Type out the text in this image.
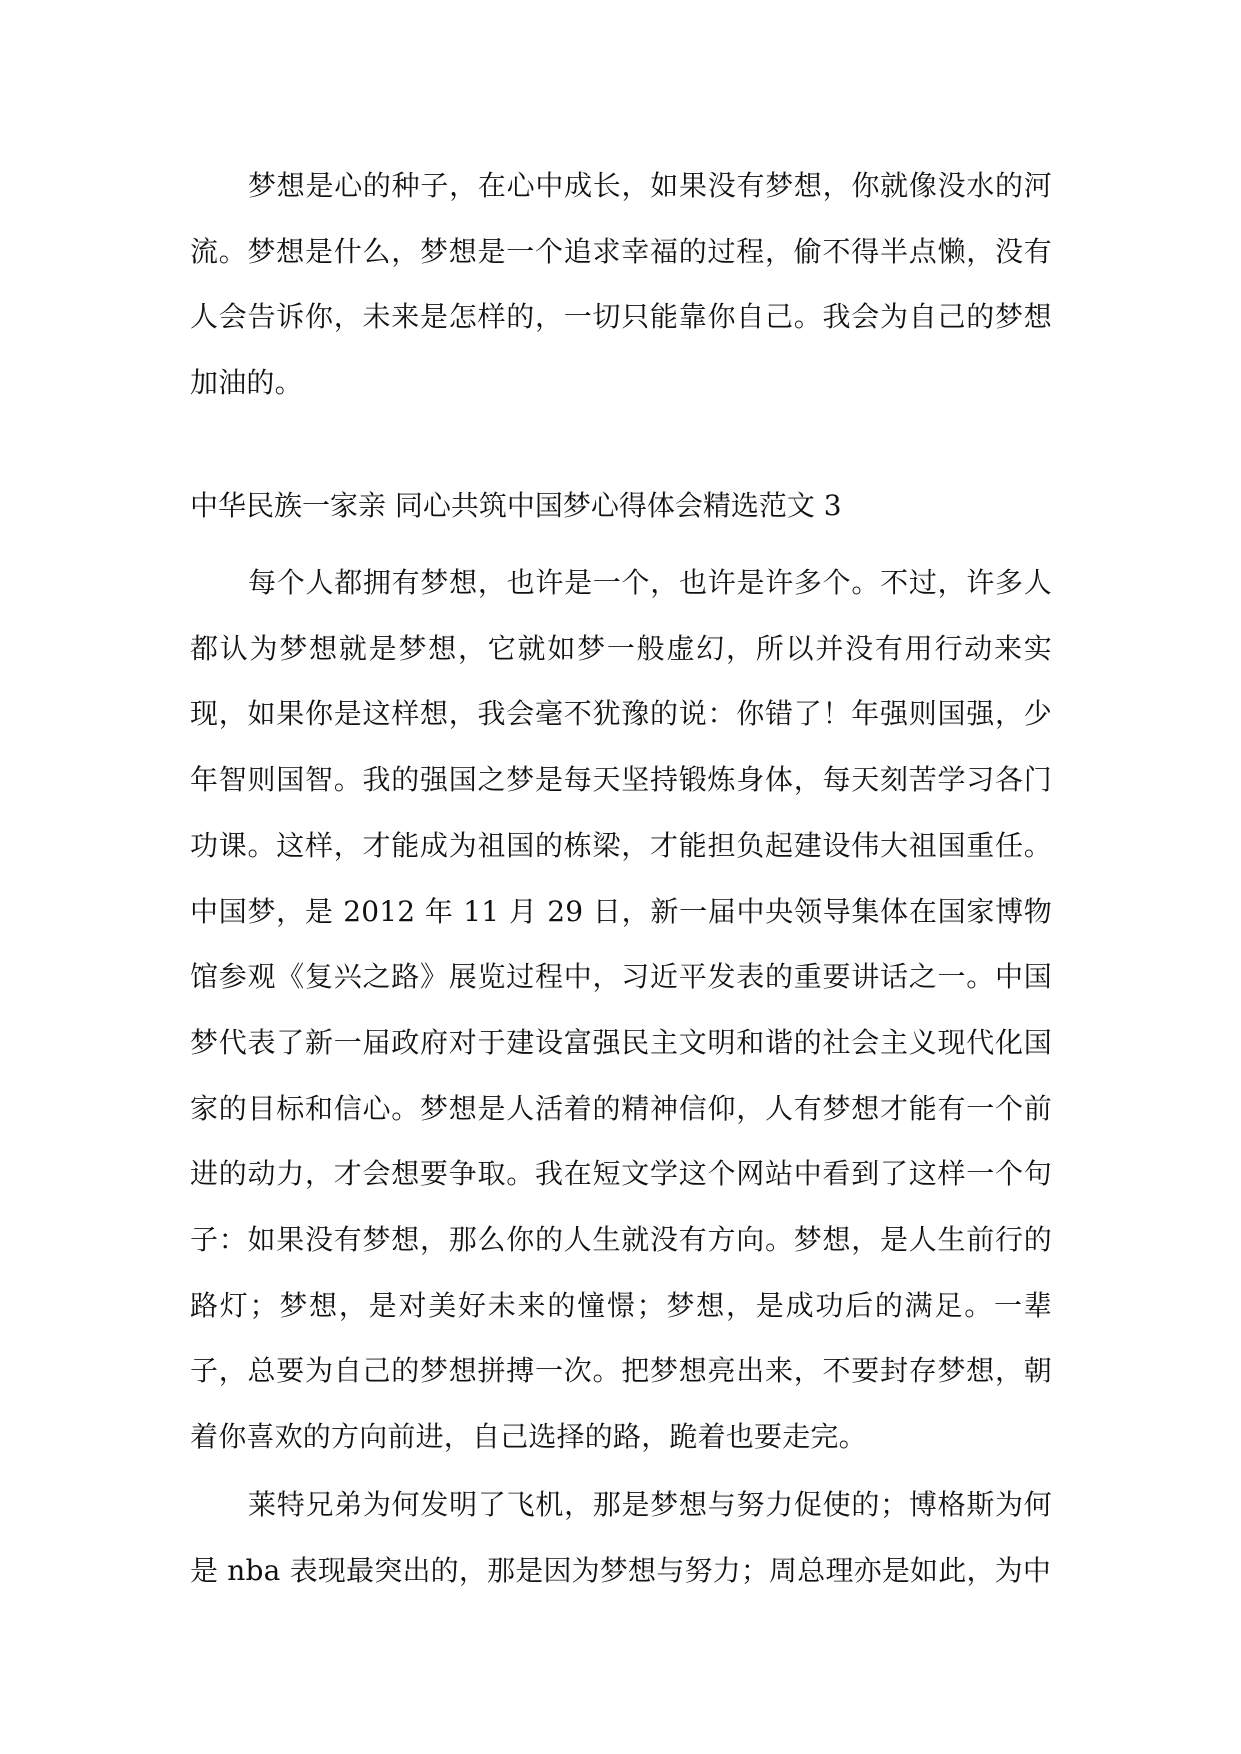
梦想是心的种子，在心中成长，如果没有梦想，你就像没水的河流。梦想是什么，梦想是一个追求幸福的过程，偷不得半点懒，没有人会告诉你，未来是怎样的，一切只能靠你自己。我会为自己的梦想加油的。

中华民族一家亲 同心共筑中国梦心得体会精选范文 3

每个人都拥有梦想，也许是一个，也许是许多个。不过，许多人都认为梦想就是梦想，它就如梦一般虚幻，所以并没有用行动来实现，如果你是这样想，我会毫不犹豫的说：你错了！年强则国强，少年智则国智。我的强国之梦是每天坚持锻炼身体，每天刻苦学习各门功课。这样，才能成为祖国的栋梁，才能担负起建设伟大祖国重任。中国梦，是 2012 年 11 月 29 日，新一届中央领导集体在国家博物馆参观《复兴之路》展览过程中，习近平发表的重要讲话之一。中国梦代表了新一届政府对于建设富强民主文明和谐的社会主义现代化国家的目标和信心。梦想是人活着的精神信仰，人有梦想才能有一个前进的动力，才会想要争取。我在短文学这个网站中看到了这样一个句子：如果没有梦想，那么你的人生就没有方向。梦想，是人生前行的路灯；梦想，是对美好未来的憧憬；梦想，是成功后的满足。一辈子，总要为自己的梦想拼搏一次。把梦想亮出来，不要封存梦想，朝着你喜欢的方向前进，自己选择的路，跪着也要走完。

莱特兄弟为何发明了飞机，那是梦想与努力促使的；博格斯为何是 nba 表现最突出的，那是因为梦想与努力；周总理亦是如此，为中
